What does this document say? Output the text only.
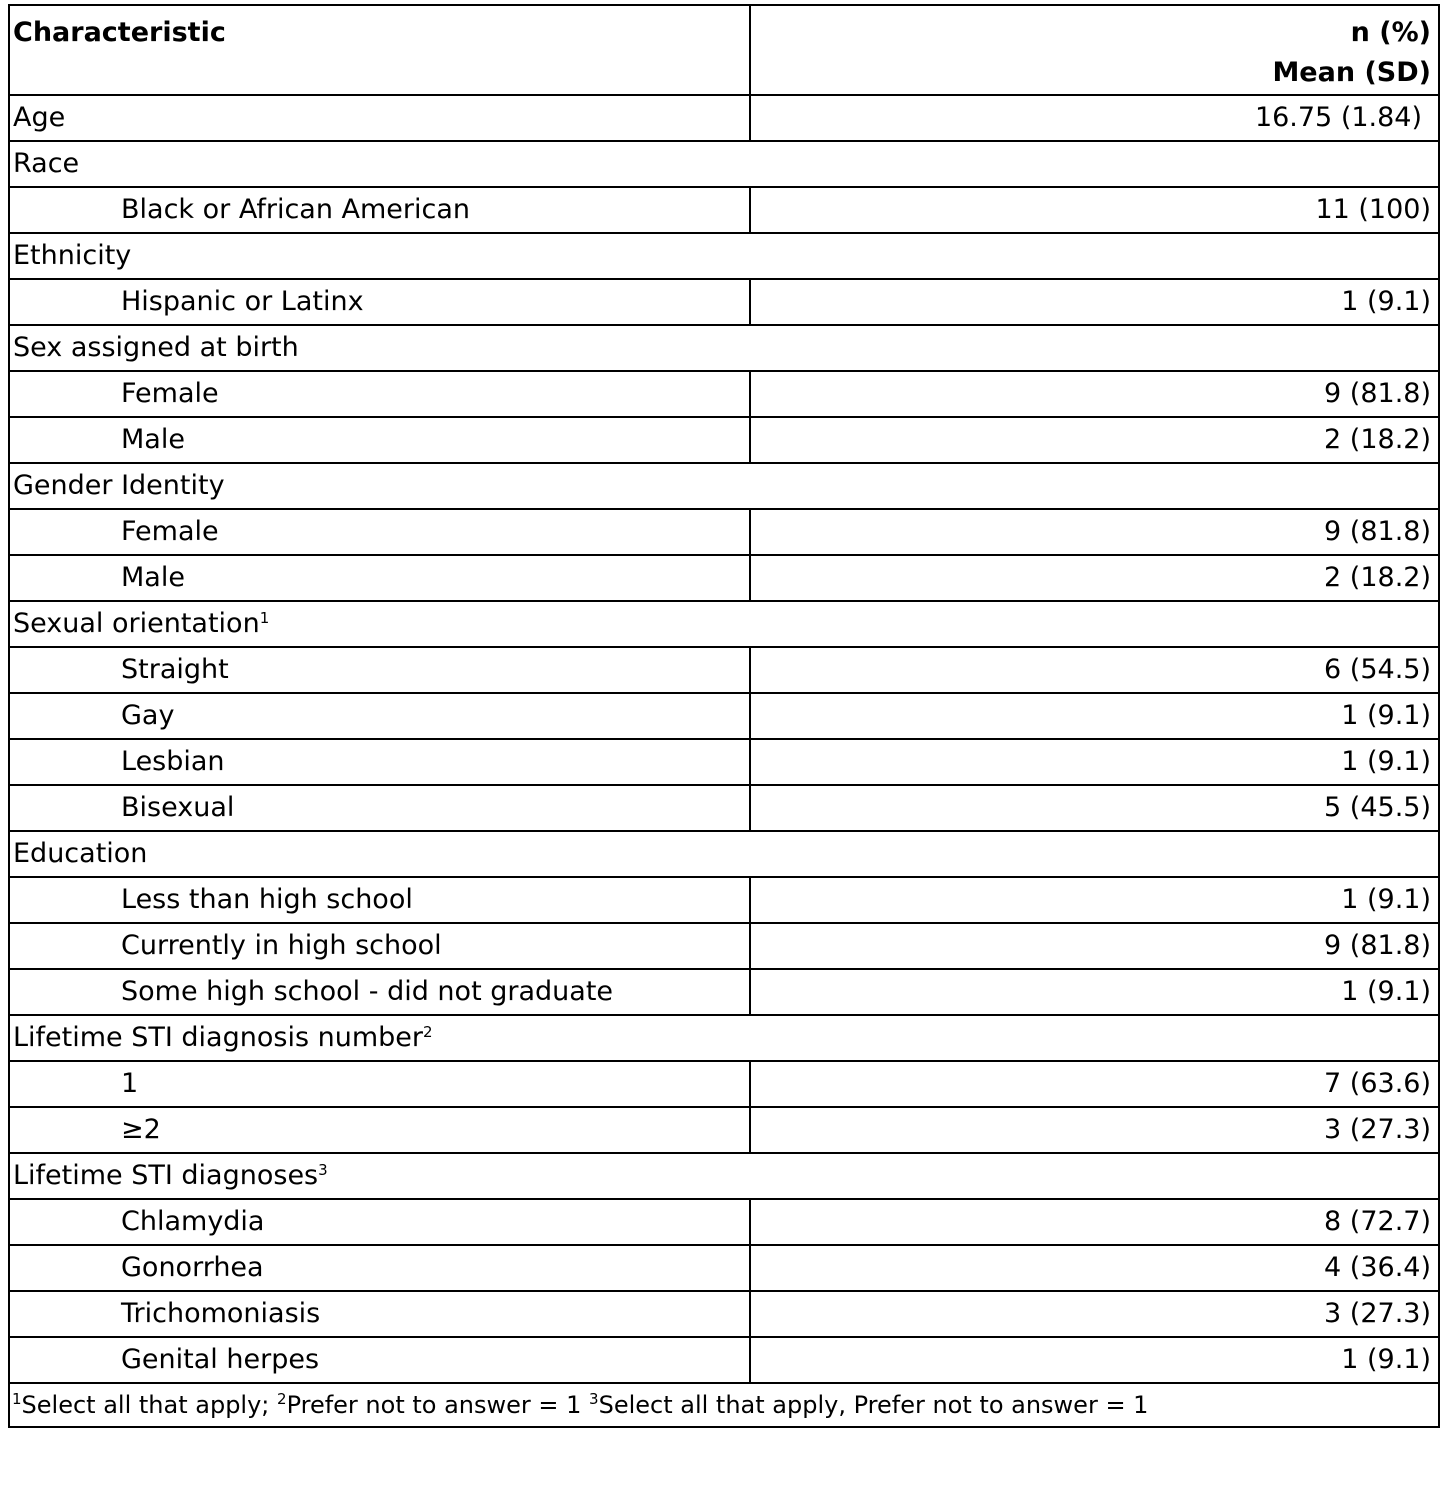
Characteristic	n (%)
Mean (SD)

Age	16.75 (1.84)
Race	
Black or African American	11 (100)
Ethnicity	
Hispanic or Latinx	1 (9.1)
Sex assigned at birth	
Female	9 (81.8)
Male	2 (18.2)
Gender Identity	
Female	9 (81.8)
Male	2 (18.2)
Sexual orientation$^1$
Straight	6 (54.5)
Gay	1 (9.1)
Lesbian	1 (9.1)
Bisexual	5 (45.5)
Education	
Less than high school	1 (9.1)
Currently in high school	9 (81.8)
Some high school - did not graduate	1 (9.1)
Lifetime STI diagnosis number$^2$
1	7 (63.6)
≥2	3 (27.3)
Lifetime STI diagnoses$^3$
Chlamydia	8 (72.7)
Gonorrhea	4 (36.4)
Trichomoniasis	3 (27.3)
Genital herpes	1 (9.1)
$^1$Select all that apply; $^2$Prefer not to answer = 1 $^3$Select all that apply, Prefer not to answer = 1	
